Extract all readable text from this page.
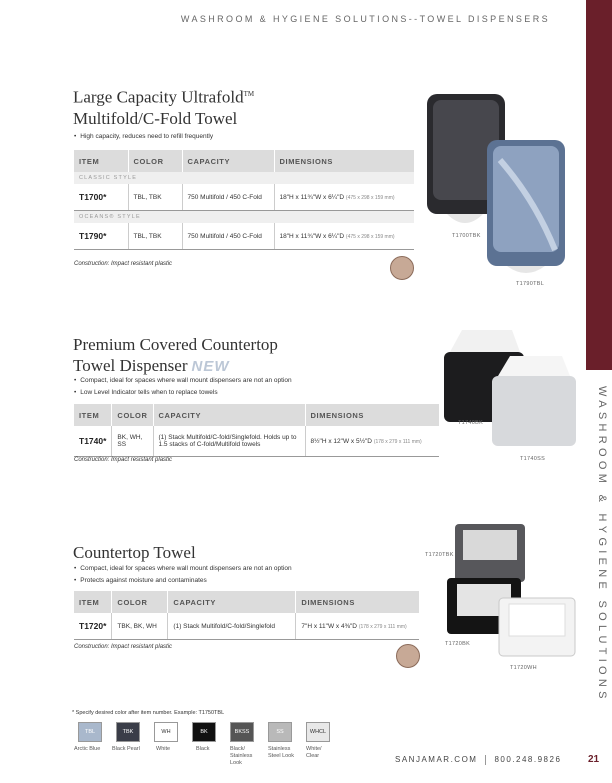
WASHROOM & HYGIENE SOLUTIONS--TOWEL DISPENSERS
WASHROOM & HYGIENE SOLUTIONS
Large Capacity Ultrafold™
Multifold/C-Fold Towel
• High capacity, reduces need to refill frequently
ITEM	COLOR	CAPACITY	DIMENSIONS
CLASSIC STYLE			
T1700*	TBL, TBK	750 Multifold / 450 C-Fold	18"H x 11¾"W x 6¼"D (475 x 298 x 159 mm)
OCEANS® STYLE			
T1790*	TBL, TBK	750 Multifold / 450 C-Fold	18"H x 11¾"W x 6¼"D (475 x 298 x 159 mm)
Construction: Impact resistant plastic
T1700TBK
T1790TBL
Premium Covered Countertop
Towel Dispenser NEW
• Compact, ideal for spaces where wall mount dispensers are not an option
• Low Level Indicator tells when to replace towels
ITEM	COLOR	CAPACITY	DIMENSIONS
T1740*	BK, WH, SS	(1) Stack Multifold/C-fold/Singlefold. Holds up to 1.5 stacks of C-fold/Multifold towels	8½"H x 12"W x 5½"D (178 x 279 x 111 mm)
Construction: Impact resistant plastic
T1740BK
T1740SS
Countertop Towel
• Compact, ideal for spaces where wall mount dispensers are not an option
• Protects against moisture and contaminates
ITEM	COLOR	CAPACITY	DIMENSIONS
T1720*	TBK, BK, WH	(1) Stack Multifold/C-fold/Singlefold	7"H x 11"W x 4⅜"D (178 x 279 x 111 mm)
Construction: Impact resistant plastic
T1720TBK
T1720BK
T1720WH
* Specify desired color after item number. Example: T1750TBL
TBL	TBK	WH	BK	BKSS	SS	WHCL
Arctic Blue Black Pearl	White	Black	Black/ Stainless Look
Stainless Steel Look
White/ Clear	SANJAMAR.COM 800.248.9826	21
